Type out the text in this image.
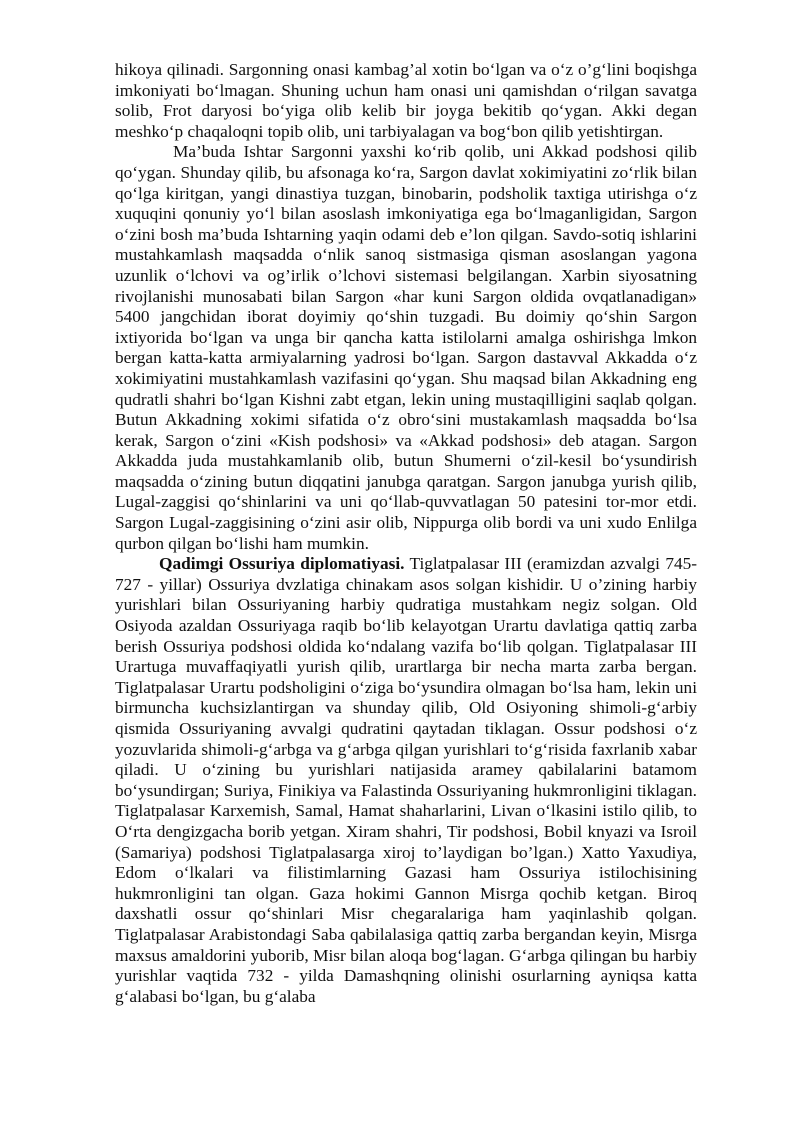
hikoya qilinadi. Sargonning onasi kambag’al xotin bo‘lgan va o‘z o’g‘lini boqishga imkoniyati bo‘lmagan. Shuning uchun ham onasi uni qamishdan o‘rilgan savatga solib, Frot daryosi bo‘yiga olib kelib bir joyga bekitib qo‘ygan. Akki degan meshko‘p chaqaloqni topib olib, uni tarbiyalagan va bog‘bon qilib yetishtirgan.

Ma’buda Ishtar Sargonni yaxshi ko‘rib qolib, uni Akkad podshosi qilib qo‘ygan. Shunday qilib, bu afsonaga ko‘ra, Sargon davlat xokimiyatini zo‘rlik bilan qo‘lga kiritgan, yangi dinastiya tuzgan, binobarin, podsholik taxtiga utirishga o‘z xuquqini qonuniy yo‘l bilan asoslash imkoniyatiga ega bo‘lmaganligidan, Sargon o‘zini bosh ma’buda Ishtarning yaqin odami deb e’lon qilgan. Savdo-sotiq ishlarini mustahkamlash maqsadda o‘nlik sanoq sistmasiga qisman asoslangan yagona uzunlik o‘lchovi va og’irlik o’lchovi sistemasi belgilangan. Xarbin siyosatning rivojlanishi munosabati bilan Sargon «har kuni Sargon oldida ovqatlanadigan» 5400 jangchidan iborat doyimiy qo‘shin tuzgadi. Bu doimiy qo‘shin Sargon ixtiyorida bo‘lgan va unga bir qancha katta istilolarni amalga oshirishga lmkon bergan katta-katta armiyalarning yadrosi bo‘lgan. Sargon dastavval Akkadda o‘z xokimiyatini mustahkamlash vazifasini qo‘ygan. Shu maqsad bilan Akkadning eng qudratli shahri bo‘lgan Kishni zabt etgan, lekin uning mustaqilligini saqlab qolgan. Butun Akkadning xokimi sifatida o‘z obro‘sini mustakamlash maqsadda bo‘lsa kerak, Sargon o‘zini «Kish podshosi» va «Akkad podshosi» deb atagan. Sargon Akkadda juda mustahkamlanib olib, butun Shumerni o‘zil-kesil bo‘ysundirish maqsadda o‘zining butun diqqatini janubga qaratgan. Sargon janubga yurish qilib, Lugal-zaggisi qo‘shinlarini va uni qo‘llab-quvvatlagan 50 patesini tor-mor etdi. Sargon Lugal-zaggisining o‘zini asir olib, Nippurga olib bordi va uni xudo Enlilga qurbon qilgan bo‘lishi ham mumkin.

Qadimgi Ossuriya diplomatiyasi. Tiglatpalasar III (eramizdan azvalgi 745-727 - yillar) Ossuriya dvzlatiga chinakam asos solgan kishidir. U o’zining harbiy yurishlari bilan Ossuriyaning harbiy qudratiga mustahkam negiz solgan. Old Osiyoda azaldan Ossuriyaga raqib bo‘lib kelayotgan Urartu davlatiga qattiq zarba berish Ossuriya podshosi oldida ko‘ndalang vazifa bo‘lib qolgan. Tiglatpalasar III Urartuga muvaffaqiyatli yurish qilib, urartlarga bir necha marta zarba bergan. Tiglatpalasar Urartu podsholigini o‘ziga bo‘ysundira olmagan bo‘lsa ham, lekin uni birmuncha kuchsizlantirgan va shunday qilib, Old Osiyoning shimoli-g‘arbiy qismida Ossuriyaning avvalgi qudratini qaytadan tiklagan. Ossur podshosi o‘z yozuvlarida shimoli-g‘arbga va g‘arbga qilgan yurishlari to‘g‘risida faxrlanib xabar qiladi. U o‘zining bu yurishlari natijasida aramey qabilalarini batamom bo‘ysundirgan; Suriya, Finikiya va Falastinda Ossuriyaning hukmronligini tiklagan. Tiglatpalasar Karxemish, Samal, Hamat shaharlarini, Livan o‘lkasini istilo qilib, to O‘rta dengizgacha borib yetgan. Xiram shahri, Tir podshosi, Bobil knyazi va Isroil (Samariya) podshosi Tiglatpalasarga xiroj to’laydigan bo’lgan.) Xatto Yaxudiya, Edom o‘lkalari va filistimlarning Gazasi ham Ossuriya istilochisining hukmronligini tan olgan. Gaza hokimi Gannon Misrga qochib ketgan. Biroq daxshatli ossur qo‘shinlari Misr chegaralariga ham yaqinlashib qolgan. Tiglatpalasar Arabistondagi Saba qabilalasiga qattiq zarba bergandan keyin, Misrga maxsus amaldorini yuborib, Misr bilan aloqa bog‘lagan. G‘arbga qilingan bu harbiy yurishlar vaqtida 732 - yilda Damashqning olinishi osurlarning ayniqsa katta g‘alabasi bo‘lgan, bu g‘alaba
